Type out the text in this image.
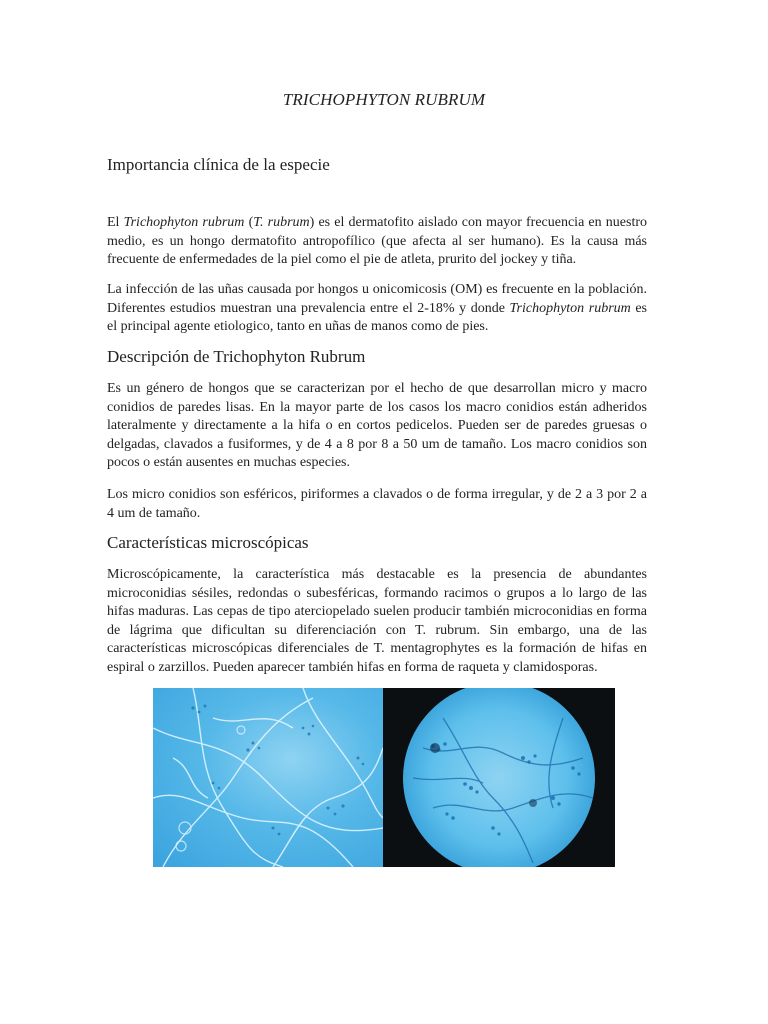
TRICHOPHYTON RUBRUM
Importancia clínica de la especie

El Trichophyton rubrum (T. rubrum) es el dermatofito aislado con mayor frecuencia en nuestro medio, es un hongo dermatofito antropofílico (que afecta al ser humano). Es la causa más frecuente de enfermedades de la piel como el pie de atleta, prurito del jockey y tiña.

La infección de las uñas causada por hongos u onicomicosis (OM) es frecuente en la población. Diferentes estudios muestran una prevalencia entre el 2-18% y donde Trichophyton rubrum es el principal agente etiologico, tanto en uñas de manos como de pies.

Descripción de Trichophyton Rubrum

Es un género de hongos que se caracterizan por el hecho de que desarrollan micro y macro conidios de paredes lisas. En la mayor parte de los casos los macro conidios están adheridos lateralmente y directamente a la hifa o en cortos pedicelos. Pueden ser de paredes gruesas o delgadas, clavados a fusiformes, y de 4 a 8 por 8 a 50 um de tamaño. Los macro conidios son pocos o están ausentes en muchas especies.

Los micro conidios son esféricos, piriformes a clavados o de forma irregular, y de 2 a 3 por 2 a 4 um de tamaño.

Características microscópicas

Microscópicamente, la característica más destacable es la presencia de abundantes microconidias sésiles, redondas o subesféricas, formando racimos o grupos a lo largo de las hifas maduras. Las cepas de tipo aterciopelado suelen producir también microconidias en forma de lágrima que dificultan su diferenciación con T. rubrum. Sin embargo, una de las características microscópicas diferenciales de T. mentagrophytes es la formación de hifas en espiral o zarzillos. Pueden aparecer también hifas en forma de raqueta y clamidosporas.
